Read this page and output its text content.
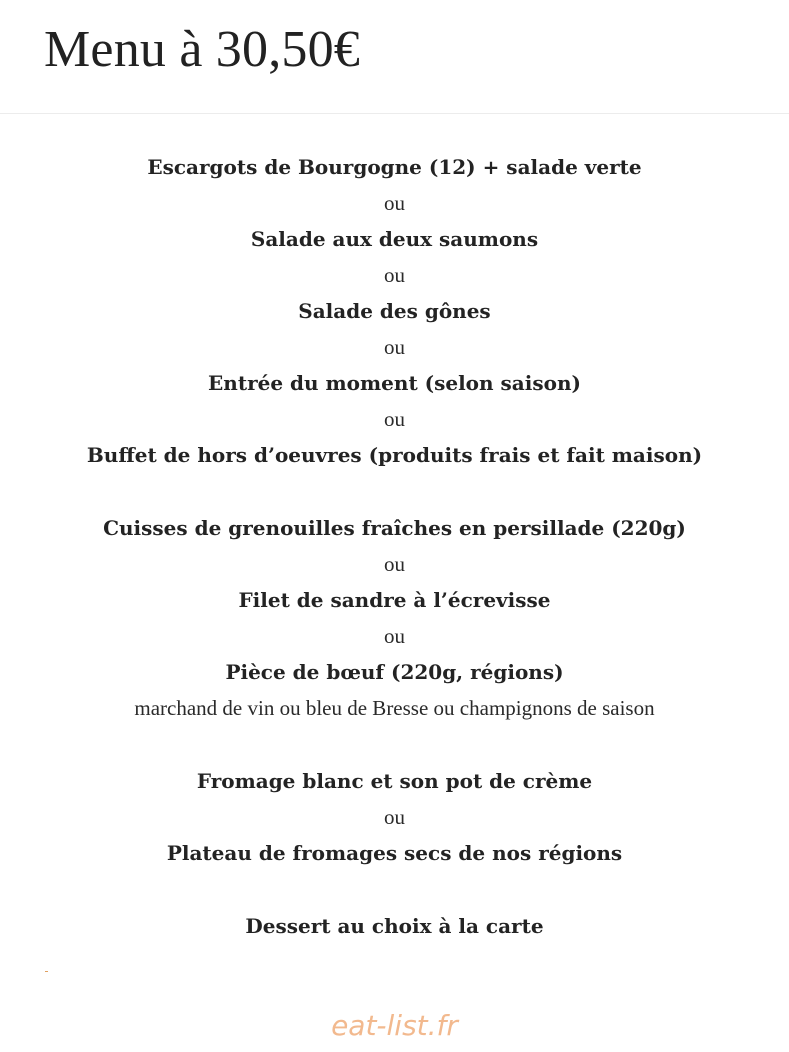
Menu à 30,50€
Escargots de Bourgogne (12) + salade verte
ou
Salade aux deux saumons
ou
Salade des gônes
ou
Entrée du moment (selon saison)
ou
Buffet de hors d’oeuvres (produits frais et fait maison)
Cuisses de grenouilles fraîches en persillade (220g)
ou
Filet de sandre à l’écrevisse
ou
Pièce de bœuf (220g, régions)
marchand de vin ou bleu de Bresse ou champignons de saison
Fromage blanc et son pot de crème
ou
Plateau de fromages secs de nos régions
Dessert au choix à la carte
eat-list.fr
